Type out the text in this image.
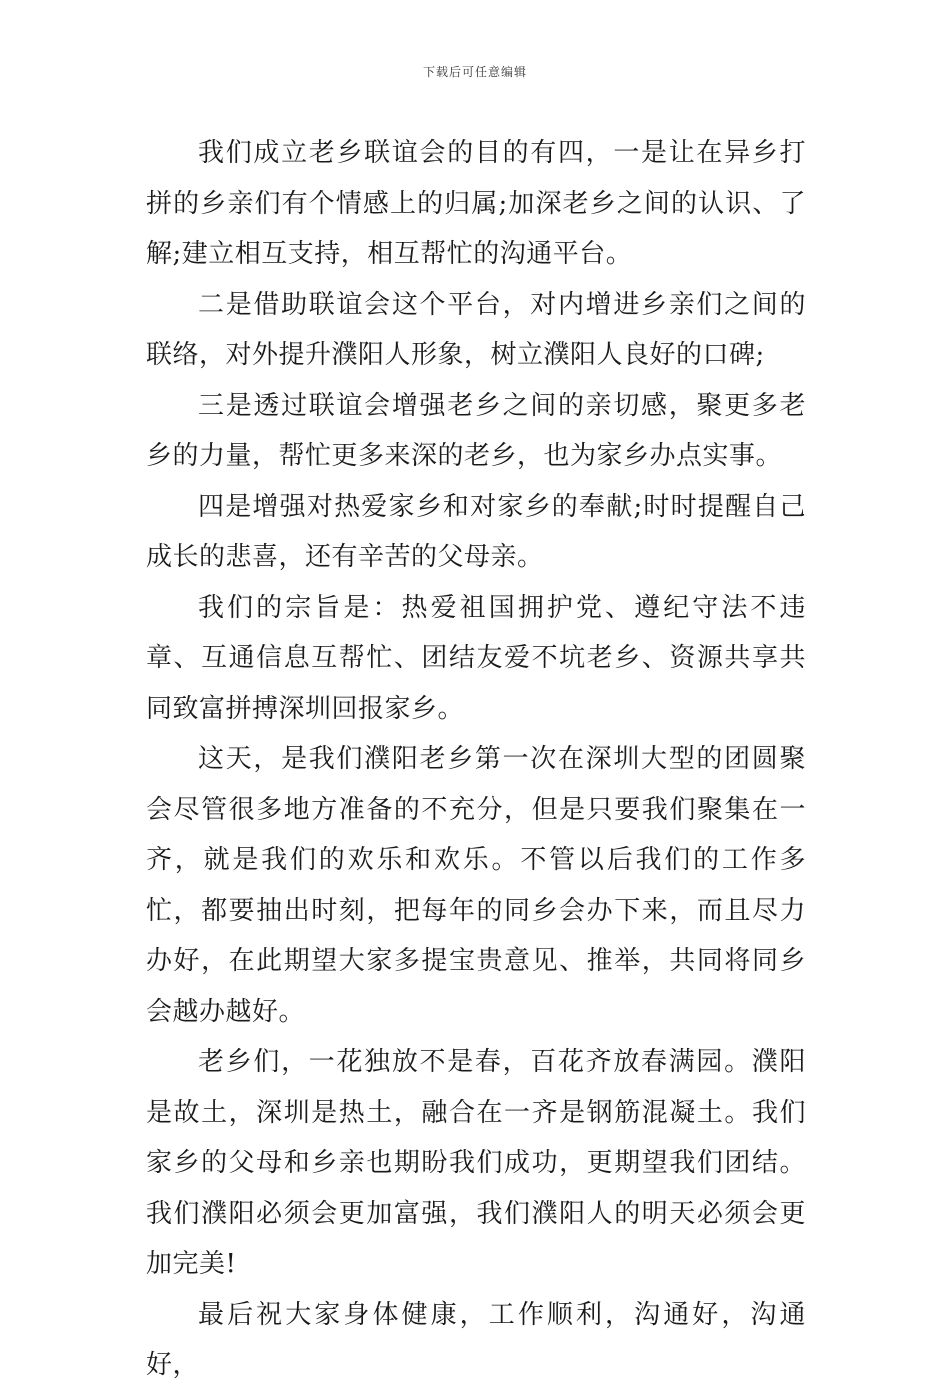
下载后可任意编辑

我们成立老乡联谊会的目的有四，一是让在异乡打拼的乡亲们有个情感上的归属;加深老乡之间的认识、了解;建立相互支持，相互帮忙的沟通平台。

二是借助联谊会这个平台，对内增进乡亲们之间的联络，对外提升濮阳人形象，树立濮阳人良好的口碑;

三是透过联谊会增强老乡之间的亲切感，聚更多老乡的力量，帮忙更多来深的老乡，也为家乡办点实事。

四是增强对热爱家乡和对家乡的奉献;时时提醒自己成长的悲喜，还有辛苦的父母亲。

我们的宗旨是：热爱祖国拥护党、遵纪守法不违章、互通信息互帮忙、团结友爱不坑老乡、资源共享共同致富拼搏深圳回报家乡。

这天，是我们濮阳老乡第一次在深圳大型的团圆聚会尽管很多地方准备的不充分，但是只要我们聚集在一齐，就是我们的欢乐和欢乐。不管以后我们的工作多忙，都要抽出时刻，把每年的同乡会办下来，而且尽力办好，在此期望大家多提宝贵意见、推举，共同将同乡会越办越好。

老乡们，一花独放不是春，百花齐放春满园。濮阳是故土，深圳是热土，融合在一齐是钢筋混凝土。我们家乡的父母和乡亲也期盼我们成功，更期望我们团结。我们濮阳必须会更加富强，我们濮阳人的明天必须会更加完美!

最后祝大家身体健康，工作顺利，沟通好，沟通好，
